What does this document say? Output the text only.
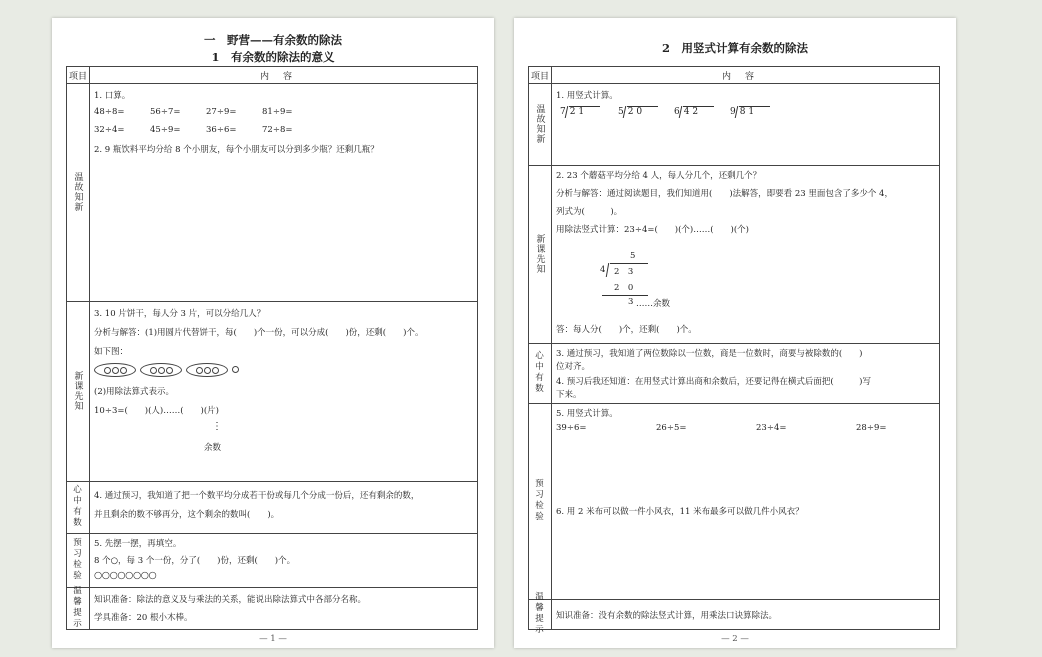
一　野营——有余数的除法
1　有余数的除法的意义
项目	内容
温故知新
1. 口算。
48÷8=	56÷7=	27÷9=	81÷9=
32÷4=	45÷9=	36÷6=	72÷8=
2. 9 瓶饮料平均分给 8 个小朋友，每个小朋友可以分到多少瓶？还剩几瓶？
新课先知
3. 10 片饼干，每人分 3 片，可以分给几人？
分析与解答：(1)用圆片代替饼干，每(　　)个一份，可以分成(　　)份，还剩(　　)个。
如下图：
(2)用除法算式表示。
10÷3=(　　)(人)……(　　)(片)
⋮
余数
心中有数
4. 通过预习，我知道了把一个数平均分成若干份或每几个分成一份后，还有剩余的数，
并且剩余的数不够再分，这个剩余的数叫(　　)。
预习检验
5. 先摆一摆，再填空。
8 个○，每 3 个一份，分了(　　)份，还剩(　　)个。
○○○○○○○○
温馨提示
知识准备：除法的意义及与乘法的关系，能说出除法算式中各部分名称。
学具准备：20 根小木棒。
— 1 —
2　用竖式计算有余数的除法
项目	内容
温故知新
1. 用竖式计算。
7 2 1	5 2 0	6 4 2	9 8 1
新课先知
2. 23 个蘑菇平均分给 4 人，每人分几个，还剩几个？
分析与解答：通过阅读题目，我们知道用(　　)法解答，即要看 23 里面包含了多少个 4，
列式为(　　　)。
用除法竖式计算：23÷4=(　　)(个)……(　　)(个)
5
4 2　3
2　0
3 ……余数
答：每人分(　　)个，还剩(　　)个。
心中有数
3. 通过预习，我知道了两位数除以一位数，商是一位数时，商要与被除数的(　　)
位对齐。
4. 预习后我还知道：在用竖式计算出商和余数后，还要记得在横式后面把(　　　)写
下来。
预习检验
5. 用竖式计算。
39÷6=	26÷5=	23÷4=	28÷9=
6. 用 2 米布可以做一件小风衣，11 米布最多可以做几件小风衣？
温馨提示
知识准备：没有余数的除法竖式计算，用乘法口诀算除法。
— 2 —
